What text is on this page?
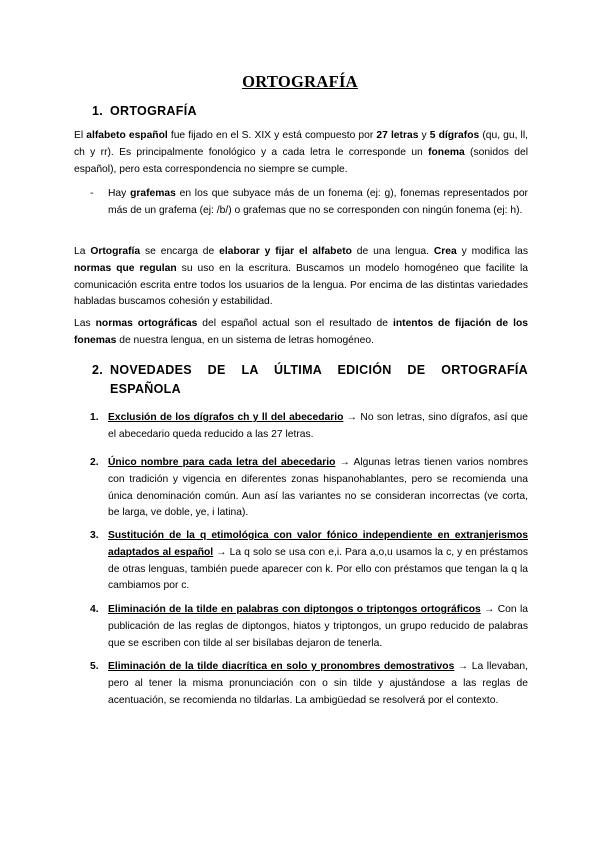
ORTOGRAFÍA
1. ORTOGRAFÍA

El alfabeto español fue fijado en el S. XIX y está compuesto por 27 letras y 5 dígrafos (qu, gu, ll, ch y rr). Es principalmente fonológico y a cada letra le corresponde un fonema (sonidos del español), pero esta correspondencia no siempre se cumple.

- Hay grafemas en los que subyace más de un fonema (ej: g), fonemas representados por más de un grafema (ej: /b/) o grafemas que no se corresponden con ningún fonema (ej: h).

La Ortografía se encarga de elaborar y fijar el alfabeto de una lengua. Crea y modifica las normas que regulan su uso en la escritura. Buscamos un modelo homogéneo que facilite la comunicación escrita entre todos los usuarios de la lengua. Por encima de las distintas variedades habladas buscamos cohesión y estabilidad.

Las normas ortográficas del español actual son el resultado de intentos de fijación de los fonemas de nuestra lengua, en un sistema de letras homogéneo.

2. NOVEDADES DE LA ÚLTIMA EDICIÓN DE ORTOGRAFÍA
ESPAÑOLA
1. Exclusión de los dígrafos ch y ll del abecedario → No son letras, sino dígrafos, así que el abecedario queda reducido a las 27 letras.
2. Único nombre para cada letra del abecedario → Algunas letras tienen varios nombres con tradición y vigencia en diferentes zonas hispanohablantes, pero se recomienda una única denominación común. Aun así las variantes no se consideran incorrectas (ve corta, be larga, ve doble, ye, i latina).
3. Sustitución de la q etimológica con valor fónico independiente en extranjerismos adaptados al español → La q solo se usa con e,i. Para a,o,u usamos la c, y en préstamos de otras lenguas, también puede aparecer con k. Por ello con préstamos que tengan la q la cambiamos por c.
4. Eliminación de la tilde en palabras con diptongos o triptongos ortográficos → Con la publicación de las reglas de diptongos, hiatos y triptongos, un grupo reducido de palabras que se escriben con tilde al ser bisílabas dejaron de tenerla.
5. Eliminación de la tilde diacrítica en solo y pronombres demostrativos → La llevaban, pero al tener la misma pronunciación con o sin tilde y ajustándose a las reglas de acentuación, se recomienda no tildarlas. La ambigüedad se resolverá por el contexto.
